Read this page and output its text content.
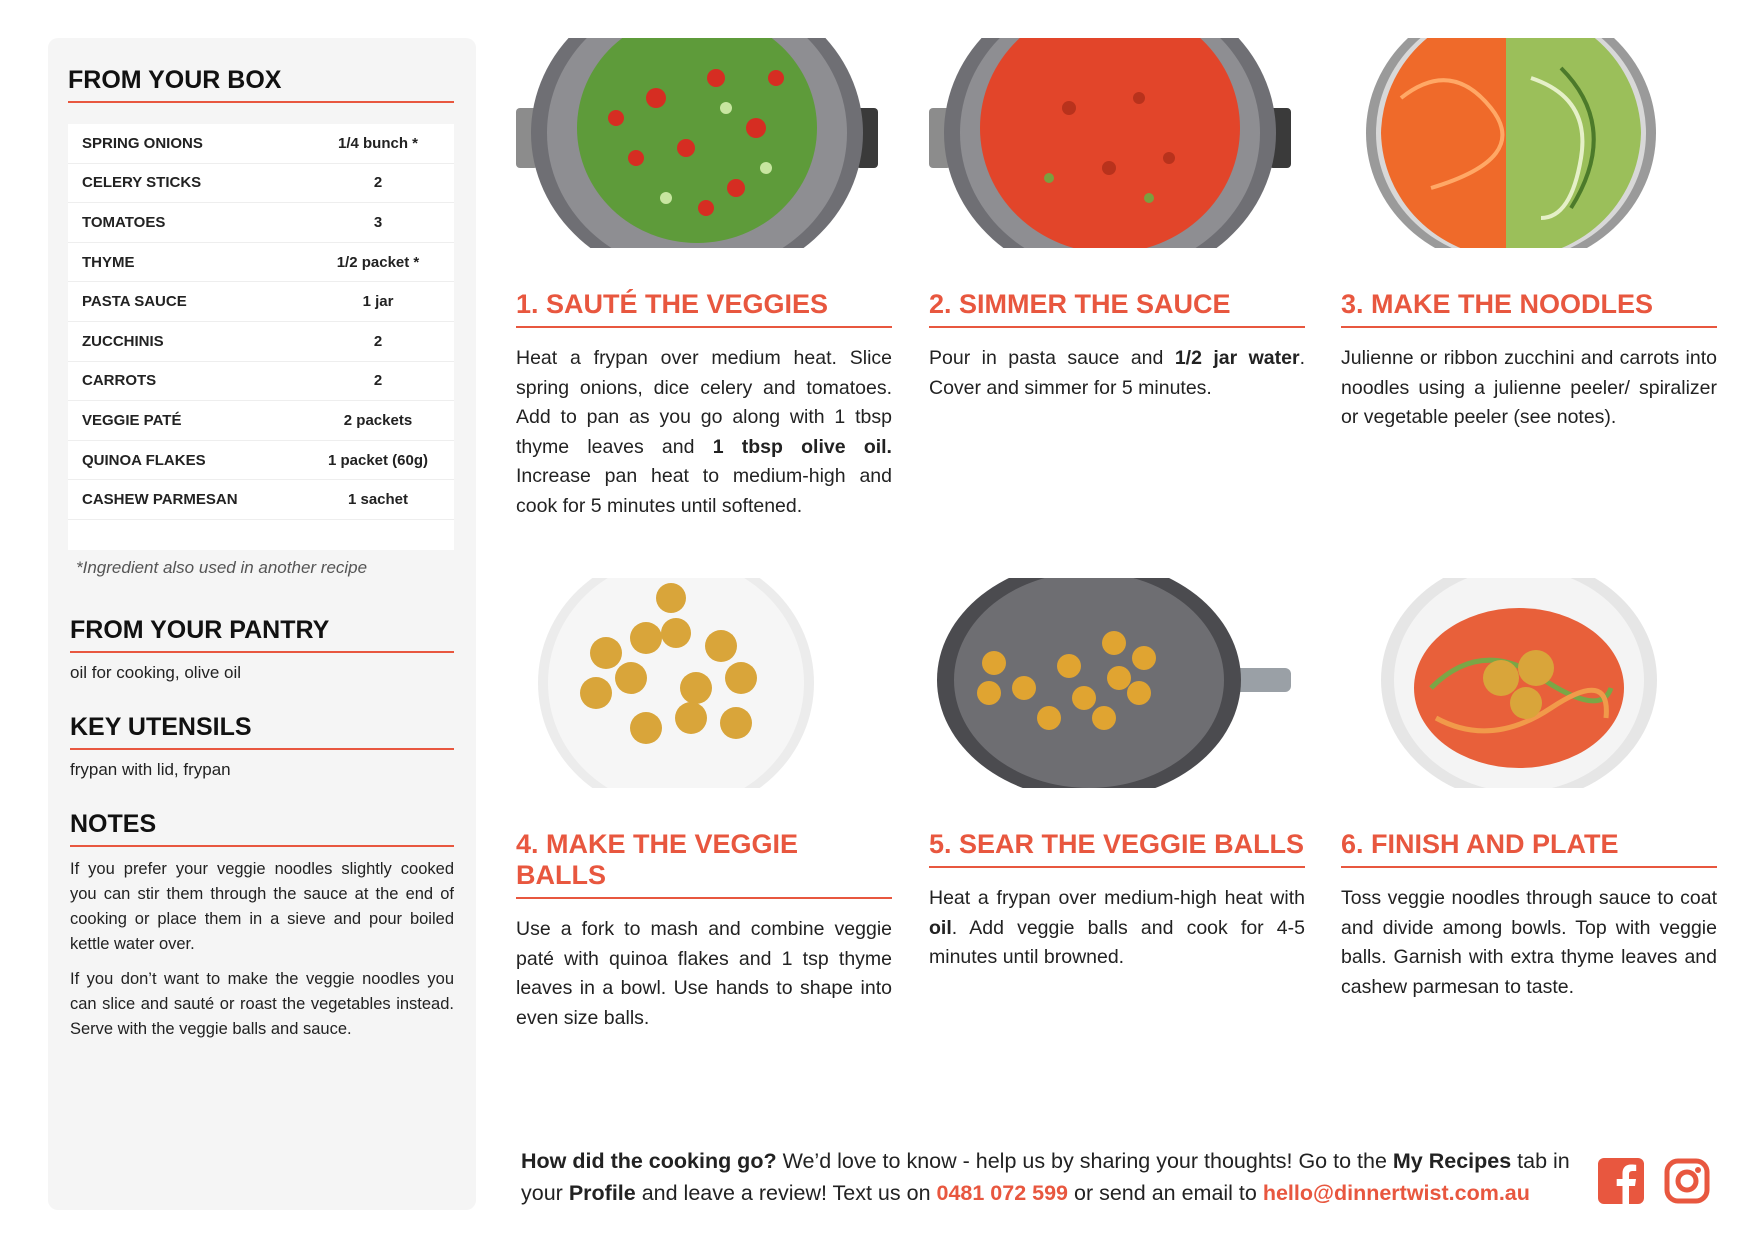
FROM YOUR BOX
SPRING ONIONS	1/4 bunch *
CELERY STICKS	2
TOMATOES	3
THYME	1/2 packet *
PASTA SAUCE	1 jar
ZUCCHINIS	2
CARROTS	2
VEGGIE PATÉ	2 packets
QUINOA FLAKES	1 packet (60g)
CASHEW PARMESAN	1 sachet
*Ingredient also used in another recipe
FROM YOUR PANTRY
oil for cooking, olive oil
KEY UTENSILS
frypan with lid, frypan
NOTES

If you prefer your veggie noodles slightly cooked you can stir them through the sauce at the end of cooking or place them in a sieve and pour boiled kettle water over.

If you don’t want to make the veggie noodles you can slice and sauté or roast the vegetables instead. Serve with the veggie balls and sauce.

1. SAUTÉ THE VEGGIES
Heat a frypan over medium heat. Slice spring onions, dice celery and tomatoes. Add to pan as you go along with 1 tbsp thyme leaves and 1 tbsp olive oil. Increase pan heat to medium-high and cook for 5 minutes until softened.
2. SIMMER THE SAUCE
Pour in pasta sauce and 1/2 jar water. Cover and simmer for 5 minutes.
3. MAKE THE NOODLES
Julienne or ribbon zucchini and carrots into noodles using a julienne peeler/ spiralizer or vegetable peeler (see notes).
4. MAKE THE VEGGIE BALLS
Use a fork to mash and combine veggie paté with quinoa flakes and 1 tsp thyme leaves in a bowl. Use hands to shape into even size balls.
5. SEAR THE VEGGIE BALLS
Heat a frypan over medium-high heat with oil. Add veggie balls and cook for 4-5 minutes until browned.
6. FINISH AND PLATE
Toss veggie noodles through sauce to coat and divide among bowls. Top with veggie balls. Garnish with extra thyme leaves and cashew parmesan to taste.
How did the cooking go? We’d love to know - help us by sharing your thoughts! Go to the My Recipes tab in your Profile and leave a review! Text us on 0481 072 599 or send an email to hello@dinnertwist.com.au
